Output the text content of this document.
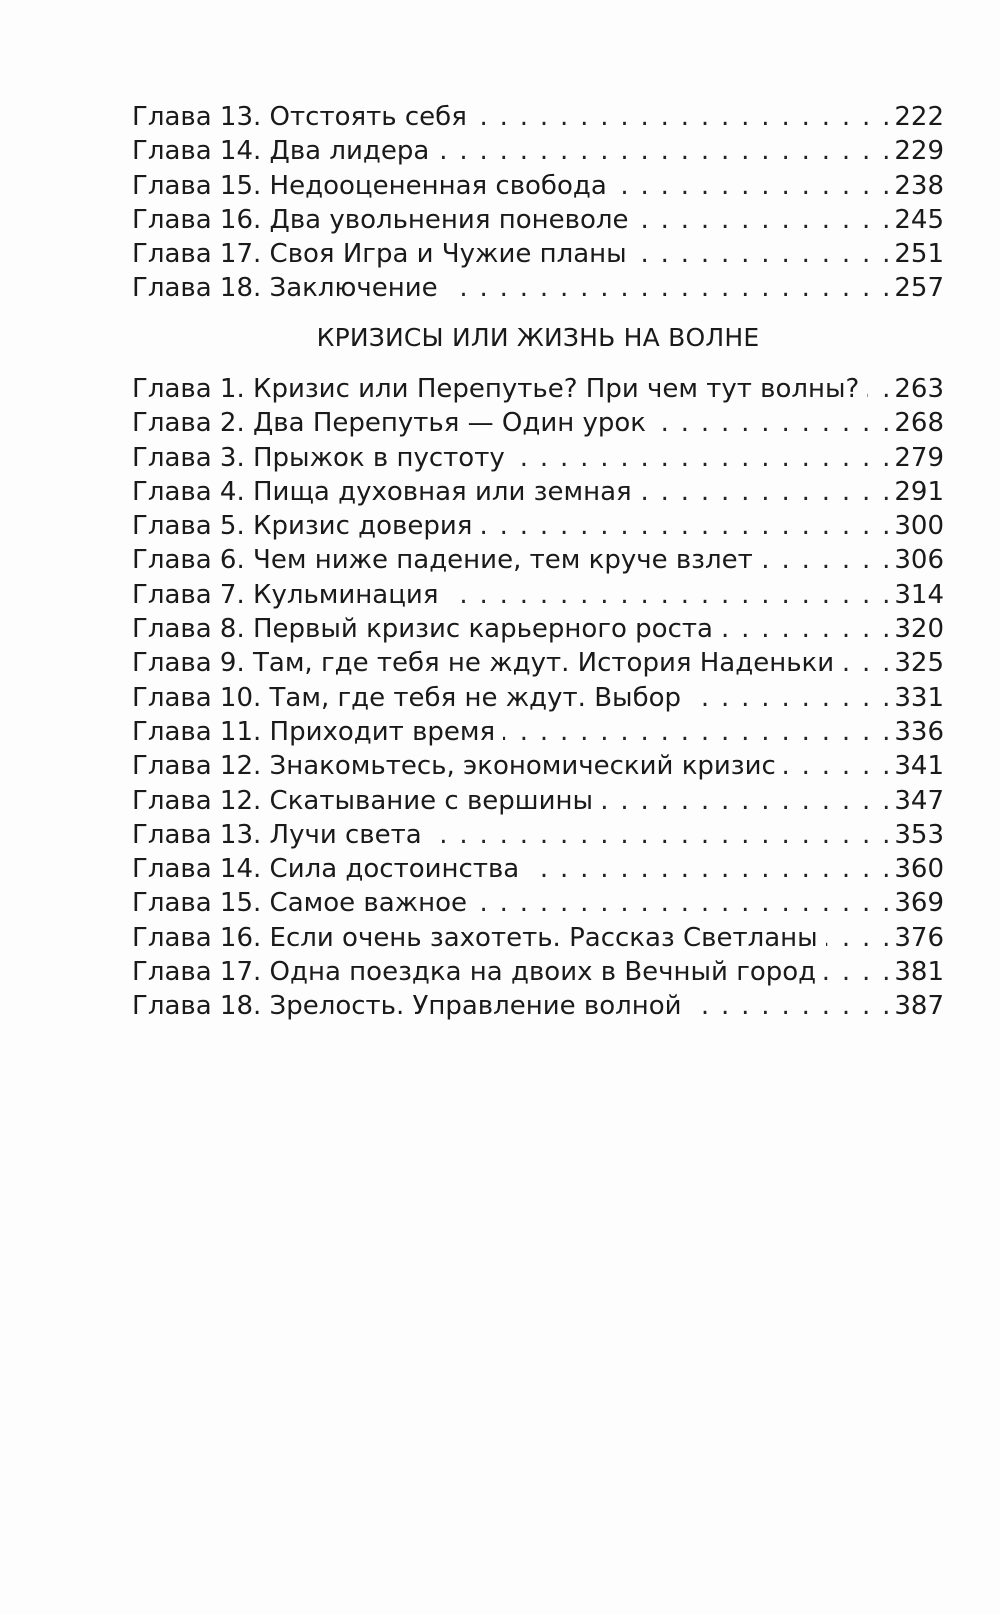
Глава 13. Отстоять себя . . .	222
Глава 14. Два лидера . . .	229
Глава 15. Недооцененная свобода . . .	238
Глава 16. Два увольнения поневоле . . .	245
Глава 17. Своя Игра и Чужие планы . . .	251
Глава 18. Заключение . . .	257
КРИЗИСЫ ИЛИ ЖИЗНЬ НА ВОЛНЕ
Глава 1. Кризис или Перепутье? При чем тут волны? . . . 263
Глава 2. Два Перепутья — Один урок . . .	268
Глава 3. Прыжок в пустоту . . .	279
Глава 4. Пища духовная или земная . . .	291
Глава 5. Кризис доверия . . .	300
Глава 6. Чем ниже падение, тем круче взлет . . .	306
Глава 7. Кульминация . . .	314
Глава 8. Первый кризис карьерного роста . . .	320
Глава 9. Там, где тебя не ждут. История Наденьки . . . 325
Глава 10. Там, где тебя не ждут. Выбор . . .	331
Глава 11. Приходит время . . .	336
Глава 12. Знакомьтесь, экономический кризис . . .	341
Глава 12. Скатывание с вершины . . .	347
Глава 13. Лучи света . . .	353
Глава 14. Сила достоинства . . .	360
Глава 15. Самое важное . . .	369
Глава 16. Если очень захотеть. Рассказ Светланы . . .	376
Глава 17. Одна поездка на двоих в Вечный город . . .	381
Глава 18. Зрелость. Управление волной . . .	387
